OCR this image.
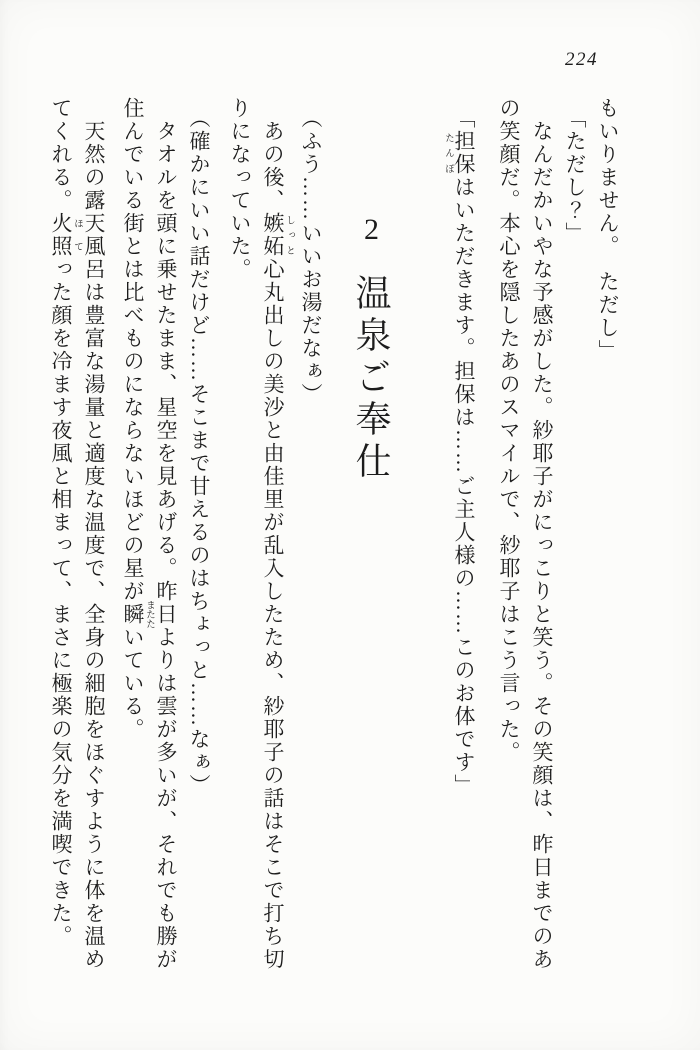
224

もいりません。　ただし」

「ただし？」

なんだかいやな予感がした。紗耶子がにっこりと笑う。その笑顔は、昨日までのあの笑顔だ。本心を隠したあのスマイルで、紗耶子はこう言った。

「担保たんぽはいただきます。担保は……ご主人様の……このお体です」

2温泉ご奉仕

（ふう……いいお湯だなぁ）

あの後、嫉妬 しっと心丸出しの美沙と由佳里が乱入したため、紗耶子の話はそこで打ち切りになっていた。

（確かにいい話だけど……そこまで甘えるのはちょっと……なぁ）

タオルを頭に乗せたまま、星空を見あげる。昨日よりは雲が多いが、それでも勝が住んでいる街とは比べものにならないほどの星が瞬 またたいている。

天然の露天風呂は豊富な湯量と適度な温度で、全身の細胞をほぐすように体を温めてくれる。火照 ほてった顔を冷ます夜風と相まって、まさに極楽の気分を満喫できた。
